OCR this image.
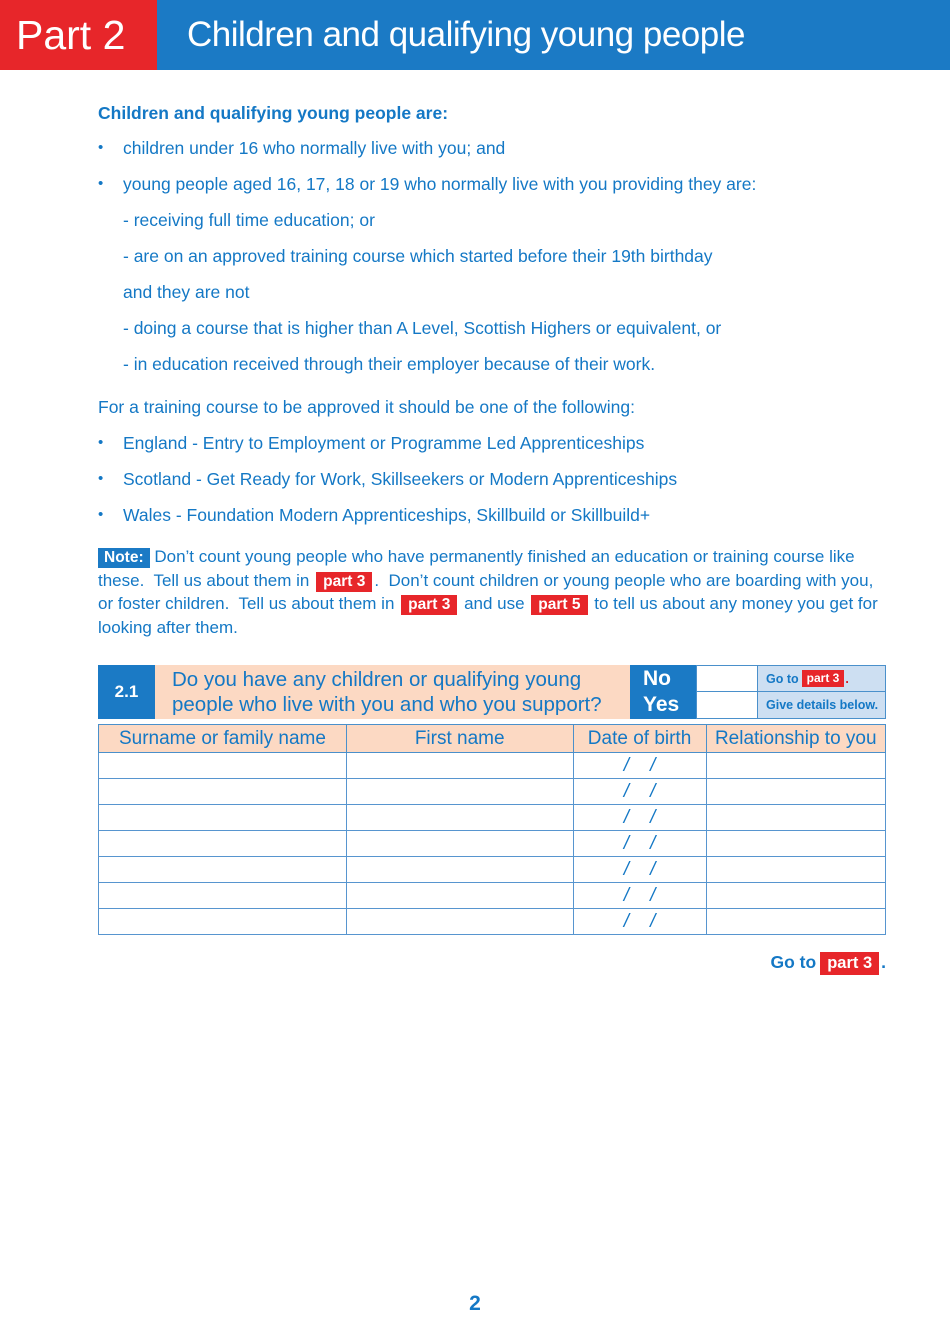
Part 2	Children and qualifying young people
Children and qualifying young people are:
•	children under 16 who normally live with you; and
•	young people aged 16, 17, 18 or 19 who normally live with you providing they are:
- receiving full time education; or
- are on an approved training course which started before their 19th birthday
and they are not
- doing a course that is higher than A Level, Scottish Highers or equivalent, or
- in education received through their employer because of their work.
For a training course to be approved it should be one of the following:
•	England - Entry to Employment or Programme Led Apprenticeships
•	Scotland - Get Ready for Work, Skillseekers or Modern Apprenticeships
•	Wales - Foundation Modern Apprenticeships, Skillbuild or Skillbuild+
Note: Don’t count young people who have permanently finished an education or training course like these.  Tell us about them in part 3 .  Don’t count children or young people who are boarding with you, or foster children.  Tell us about them in part 3 and use part 5 to tell us about any money you get for looking after them.
2.1
Do you have any children or qualifying young people who live with you and who you support?
No
Yes
Go to part 3 .
Give details below.
Surname or family name	First name	Date of birth	Relationship to you
		/    /	
		/    /	
		/    /	
		/    /	
		/    /	
		/    /	
		/    /	
Go to part 3 .
2
